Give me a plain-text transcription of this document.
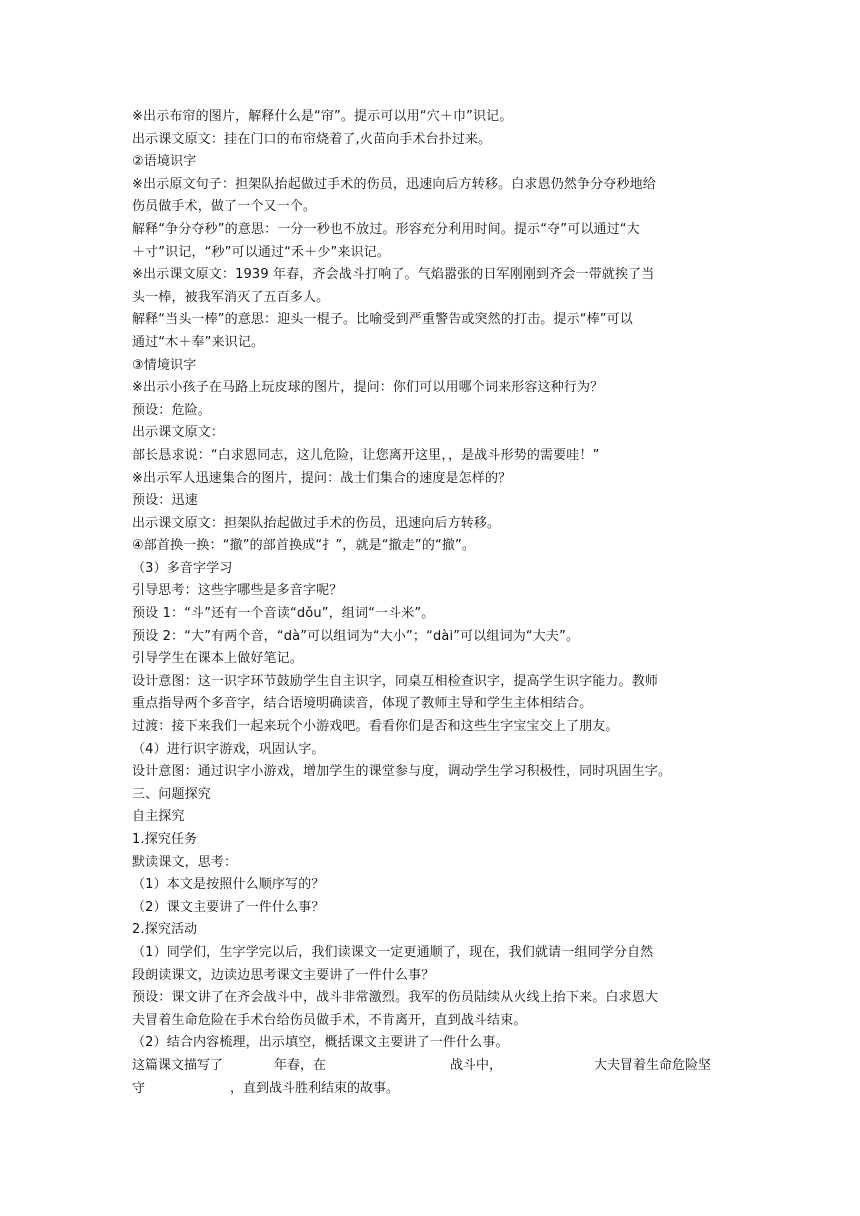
※出示布帘的图片，解释什么是“帘”。提示可以用“穴＋巾”识记。
出示课文原文：挂在门口的布帘烧着了,火苗向手术台扑过来。
②语境识字
※出示原文句子：担架队抬起做过手术的伤员，迅速向后方转移。白求恩仍然争分夺秒地给
伤员做手术，做了一个又一个。
解释“争分夺秒”的意思：一分一秒也不放过。形容充分利用时间。提示“夺”可以通过“大
＋寸”识记，“秒”可以通过“禾＋少”来识记。
※出示课文原文：1939 年春，齐会战斗打响了。气焰嚣张的日军刚刚到齐会一带就挨了当
头一棒，被我军消灭了五百多人。
解释“当头一棒”的意思：迎头一棍子。比喻受到严重警告或突然的打击。提示“棒”可以
通过“木＋奉”来识记。
③情境识字
※出示小孩子在马路上玩皮球的图片，提问：你们可以用哪个词来形容这种行为？
预设：危险。
出示课文原文：
部长恳求说：“白求恩同志，这儿危险，让您离开这里，，是战斗形势的需要哇！”
※出示军人迅速集合的图片，提问：战士们集合的速度是怎样的？
预设：迅速
出示课文原文：担架队抬起做过手术的伤员，迅速向后方转移。
④部首换一换：“撤”的部首换成“扌”，就是“撤走”的“撤”。
（3）多音字学习
引导思考：这些字哪些是多音字呢？
预设 1：“斗”还有一个音读“dǒu”，组词“一斗米”。
预设 2：“大”有两个音，“dà”可以组词为“大小”；“dài”可以组词为“大夫”。
引导学生在课本上做好笔记。
设计意图：这一识字环节鼓励学生自主识字，同桌互相检查识字，提高学生识字能力。教师
重点指导两个多音字，结合语境明确读音，体现了教师主导和学生主体相结合。
过渡：接下来我们一起来玩个小游戏吧。看看你们是否和这些生字宝宝交上了朋友。
（4）进行识字游戏，巩固认字。
设计意图：通过识字小游戏，增加学生的课堂参与度，调动学生学习积极性，同时巩固生字。
三、问题探究
自主探究
1.探究任务
默读课文，思考：
（1）本文是按照什么顺序写的？
（2）课文主要讲了一件什么事？
2.探究活动
（1）同学们，生字学完以后，我们读课文一定更通顺了，现在，我们就请一组同学分自然
段朗读课文，边读边思考课文主要讲了一件什么事？
预设：课文讲了在齐会战斗中，战斗非常激烈。我军的伤员陆续从火线上抬下来。白求恩大
夫冒着生命危险在手术台给伤员做手术，不肯离开，直到战斗结束。
（2）结合内容梳理，出示填空，概括课文主要讲了一件什么事。
这篇课文描写了	年春，在	战斗中，	大夫冒着生命危险坚
守	，直到战斗胜利结束的故事。
